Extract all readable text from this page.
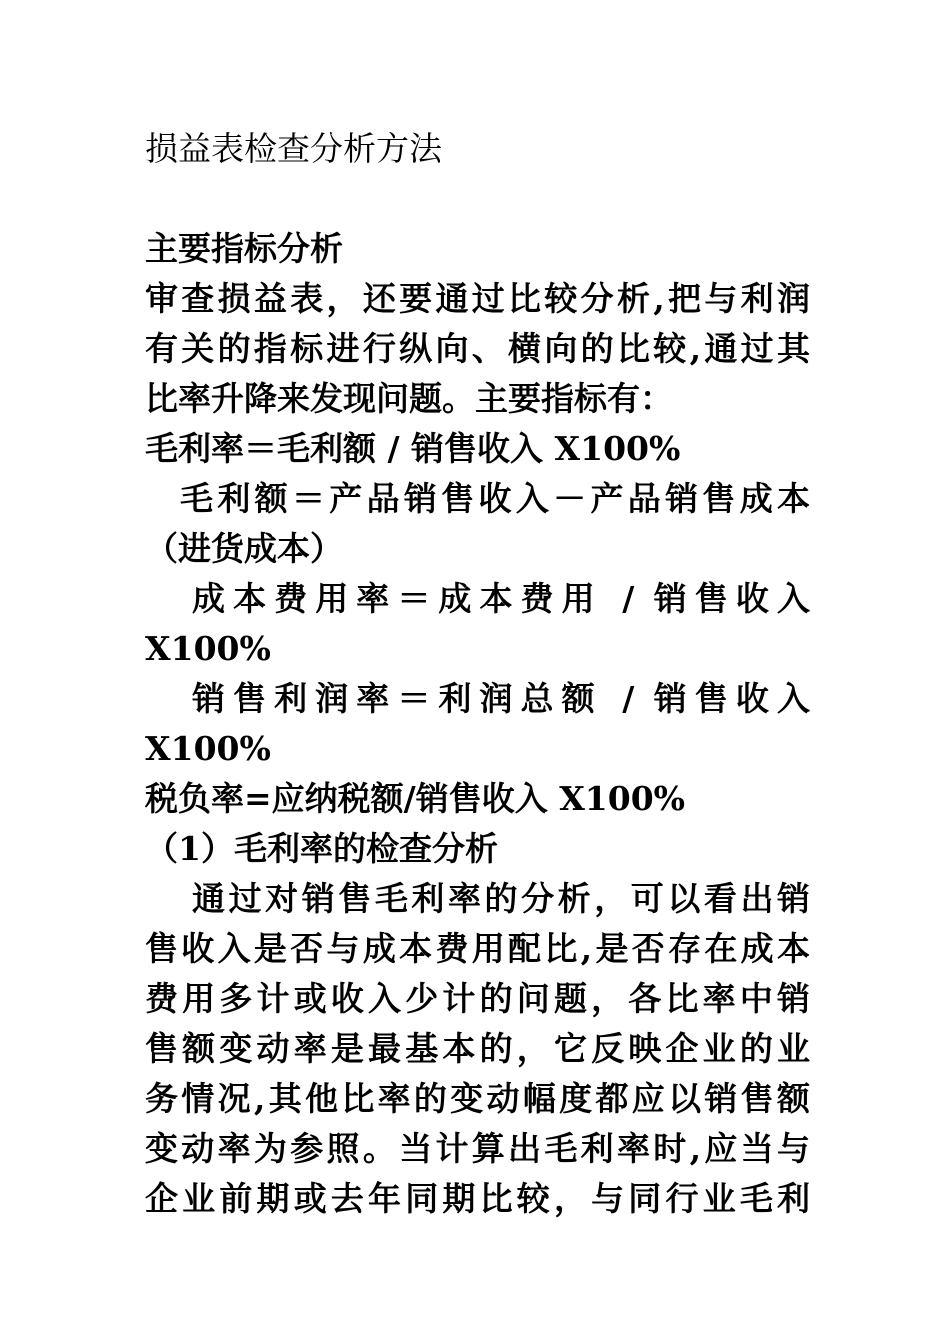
损益表检查分析方法
主要指标分析
审查损益表，还要通过比较分析,把与利润
有关的指标进行纵向、横向的比较,通过其
比率升降来发现问题。主要指标有：
毛利率＝毛利额 / 销售收入 X100%
毛利额＝产品销售收入－产品销售成本
（进货成本）
成本费用率＝成本费用 / 销售收入
X100%
销售利润率＝利润总额 / 销售收入
X100%
税负率=应纳税额/销售收入 X100%
（1）毛利率的检查分析
通过对销售毛利率的分析，可以看出销
售收入是否与成本费用配比,是否存在成本
费用多计或收入少计的问题，各比率中销
售额变动率是最基本的，它反映企业的业
务情况,其他比率的变动幅度都应以销售额
变动率为参照。当计算出毛利率时,应当与
企业前期或去年同期比较，与同行业毛利
